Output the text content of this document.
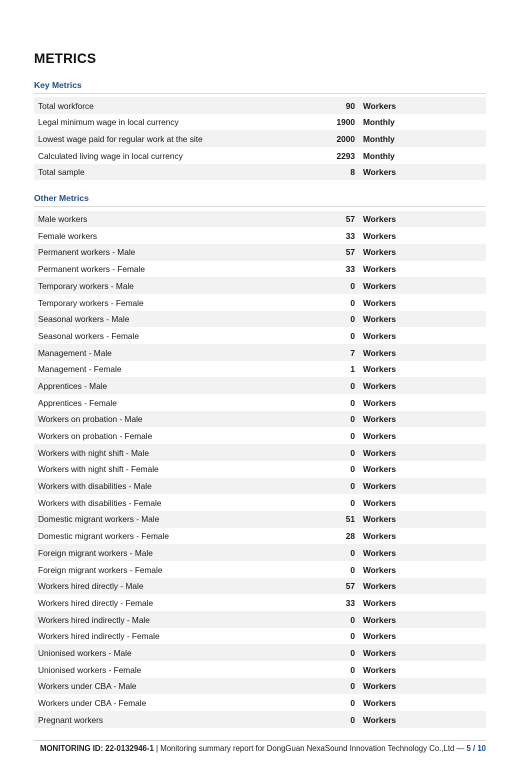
METRICS
Key Metrics
Total workforce	90 Workers
Legal minimum wage in local currency	1900 Monthly
Lowest wage paid for regular work at the site	2000 Monthly
Calculated living wage in local currency	2293 Monthly
Total sample	8 Workers
Other Metrics
Male workers	57 Workers
Female workers	33 Workers
Permanent workers - Male	57 Workers
Permanent workers - Female	33 Workers
Temporary workers - Male	0 Workers
Temporary workers - Female	0 Workers
Seasonal workers - Male	0 Workers
Seasonal workers - Female	0 Workers
Management - Male	7 Workers
Management - Female	1 Workers
Apprentices - Male	0 Workers
Apprentices - Female	0 Workers
Workers on probation - Male	0 Workers
Workers on probation - Female	0 Workers
Workers with night shift - Male	0 Workers
Workers with night shift - Female	0 Workers
Workers with disabilities - Male	0 Workers
Workers with disabilities - Female	0 Workers
Domestic migrant workers - Male	51 Workers
Domestic migrant workers - Female	28 Workers
Foreign migrant workers - Male	0 Workers
Foreign migrant workers - Female	0 Workers
Workers hired directly - Male	57 Workers
Workers hired directly - Female	33 Workers
Workers hired indirectly - Male	0 Workers
Workers hired indirectly - Female	0 Workers
Unionised workers - Male	0 Workers
Unionised workers - Female	0 Workers
Workers under CBA - Male	0 Workers
Workers under CBA - Female	0 Workers
Pregnant workers	0 Workers
MONITORING ID: 22-0132946-1 | Monitoring summary report for DongGuan NexaSound Innovation Technology Co.,Ltd — 5 / 10
